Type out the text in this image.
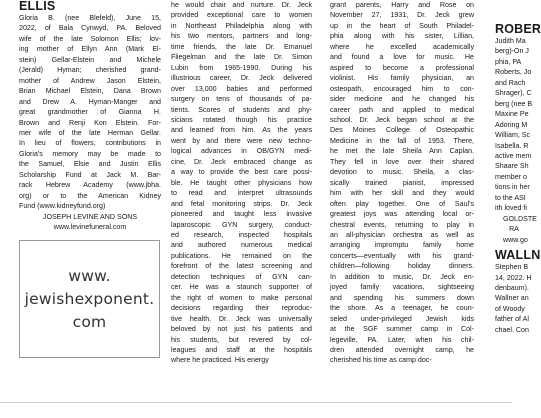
ELLIS
Gloria B. (nee Blefeld), June 15,
2022, of Bala Cynwyd, PA. Beloved
wife of the late Solomon Ellis; lov-
ing mother of Ellyn Ann (Mark El-
stein) Gellar-Elstein and Michele
(Jerald) Hyman; cherished grand-
mother of Andrew Jason Elstein,
Brian Michael Elstein, Dana Brown
and Drew A. Hyman-Manger and
great grandmother of Gianna H.
Brown and Renji Kon Elstein. For-
mer wife of the late Herman Gellar.
In lieu of flowers, contributions in
Gloria's memory may be made to
the Samuel, Elsie and Justin Ellis
Scholarship Fund at Jack M. Bar-
rack Hebrew Academy (www.jbha.
org) or to the American Kidney
Fund (www.kidneyfund.org)
JOSEPH LEVINE AND SONS
www.levinefuneral.com
www.
jewishexponent.
com
he would chair and nurture. Dr. Jeck
provided exceptional care to women
in Northeast Philadelphia along with
his two mentors, partners and long-
time friends, the late Dr. Emanuel
Fliegelman and the late Dr. Simon
Lubin from 1965-1990. During his
illustrious career, Dr. Jeck delivered
over 13,000 babies and performed
surgery on tens of thousands of pa-
tients. Scores of students and phy-
sicians rotated though his practice
and learned from him. As the years
went by and there were new techno-
logical advances in OB/GYN medi-
cine, Dr. Jeck embraced change as
a way to provide the best care possi-
ble. He taught other physicians how
to read and interpret ultrasounds
and fetal monitoring strips. Dr. Jeck
pioneered and taught less invasive
laparoscopic GYN surgery, conduct-
ed research, inspected hospitals
and authored numerous medical
publications. He remained on the
forefront of the latest screening and
detection techniques of GYN can-
cer. He was a staunch supporter of
the right of women to make personal
decisions regarding their reproduc-
tive health. Dr. Jeck was universally
beloved by not just his patients and
his students, but revered by col-
leagues and staff at the hospitals
where he practiced. His energy
grant parents, Harry and Rose on
November 27, 1931, Dr. Jeck grew
up in the heart of South Philadel-
phia along with his sister, Lillian,
where he excelled academically
and found a love for music. He
aspired to become a professional
violinist. His family physician, an
osteopath, encouraged him to con-
sider medicine and he changed his
career path and applied to medical
school. Dr. Jeck began school at the
Des Moines College of Osteopathic
Medicine in the fall of 1953. There,
he met the late Sheila Ann Caplan.
They fell in love over their shared
devotion to music. Sheila, a clas-
sically trained pianist, impressed
him with her skill and they would
often play together. One of Saul's
greatest joys was attending local or-
chestral events, returning to play in
an all-physician orchestra as well as
arranging impromptu family home
concerts—eventually with his grand-
children—following holiday dinners.
In addition to music, Dr. Jeck en-
joyed family vacations, sightseeing
and spending his summers down
the shore. As a teenager, he coun-
seled under-privileged Jewish kids
at the SGF summer camp in Col-
legeville, PA. Later, when his chil-
dren attended overnight camp, he
cherished his time as camp doc-
ROBER
Judith Ma
berg)-On J
phia, PA
Roberts, Jo
and Rach
Shrager), C
berg (nee B
Maxine Pe
Adoring M
William, Sc
Isabella. R
active mem
Shaare Sh
member o
tions in her
to the ASI
ith loved fi
GOLDSTE
RA
www.go
WALLN
Stephen B
14, 2022. H
denbaum).
Wallner an
of Woody
father of Al
chael. Con
